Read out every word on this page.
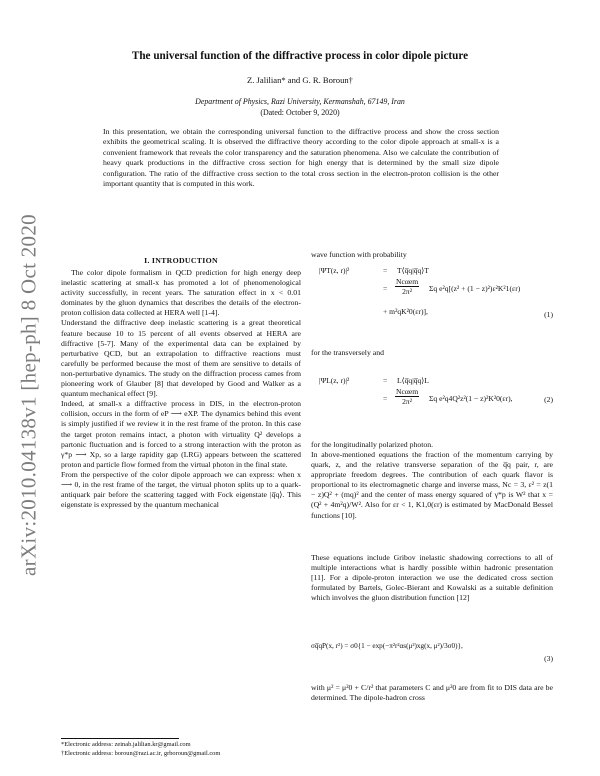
arXiv:2010.04138v1 [hep-ph] 8 Oct 2020
The universal function of the diffractive process in color dipole picture
Z. Jalilian* and G. R. Boroun†
Department of Physics, Razi University, Kermanshah, 67149, Iran
(Dated: October 9, 2020)
In this presentation, we obtain the corresponding universal function to the diffractive process and show the cross section exhibits the geometrical scaling. It is observed the diffractive theory according to the color dipole approach at small-x is a convenient framework that reveals the color transparency and the saturation phenomena. Also we calculate the contribution of heavy quark productions in the diffractive cross section for high energy that is determined by the small size dipole configuration. The ratio of the diffractive cross section to the total cross section in the electron-proton collision is the other important quantity that is computed in this work.
I. INTRODUCTION

The color dipole formalism in QCD prediction for high energy deep inelastic scattering at small-x has promoted a lot of phenomenological activity successfully, in recent years. The saturation effect in x < 0.01 dominates by the gluon dynamics that describes the details of the electron-proton collision data collected at HERA well [1-4].

Understand the diffractive deep inelastic scattering is a great theoretical feature because 10 to 15 percent of all events observed at HERA are diffractive [5-7]. Many of the experimental data can be explained by perturbative QCD, but an extrapolation to diffractive reactions must carefully be performed because the most of them are sensitive to details of non-perturbative dynamics. The study on the diffraction process cames from pioneering work of Glauber [8] that developed by Good and Walker as a quantum mechanical effect [9].

Indeed, at small-x a diffractive process in DIS, in the electron-proton collision, occurs in the form of eP ⟶ eXP. The dynamics behind this event is simply justified if we review it in the rest frame of the proton. In this case the target proton remains intact, a photon with virtuality Q² develops a partonic fluctuation and is forced to a strong interaction with the proton as γ*p ⟶ Xp, so a large rapidity gap (LRG) appears between the scattered proton and particle flow formed from the virtual photon in the final state.

From the perspective of the color dipole approach we can express: when x ⟶ 0, in the rest frame of the target, the virtual photon splits up to a quark-antiquark pair before the scattering tagged with Fock eigenstate |q̅q⟩. This eigenstate is expressed by the quantum mechanical

*Electronic address: zeinab.jalilian.kr@gmail.com
†Electronic address: boroun@razi.ac.ir, grboroun@gmail.com
wave function with probability
|ΨT(z, r)|²	= T⟨q̅q|q̅q⟩T
= $\frac{\text{Ncαem}}{\text{2π²}}$ Σq e²q[(z² + (1 − z)²)ε²K²1(εr)
+ m²qK²0(εr)],	(1)
for the transversely and
|ΨL(z, r)|²	= L⟨q̅q|q̅q⟩L
= $\frac{\text{Ncαem}}{\text{2π²}}$ Σq e²q4Q²z²(1 − z)²K²0(εr),	(2)
for the longitudinally polarized photon.
In above-mentioned equations the fraction of the momentum carrying by quark, z, and the relative transverse separation of the q̅q pair, r, are appropriate freedom degrees. The contribution of each quark flavor is proportional to its electromagnetic charge and inverse mass, Nc = 3, ε² = z(1 − z)Q² + (mq)² and the center of mass energy squared of γ*p is W² that x = (Q² + 4m²q)/W². Also for εr < 1, K1,0(εr) is estimated by MacDonald Bessel functions [10].
These equations include Gribov inelastic shadowing corrections to all of multiple interactions what is hardly possible within hadronic presentation [11]. For a dipole-proton interaction we use the dedicated cross section formulated by Bartels, Golec-Bierant and Kowalski as a suitable definition which involves the gluon distribution function [12]
σq̅qP(x, r²) = σ0{1 − exp(−π²r²αs(μ²)xg(x, μ²)/3σ0)},
(3)
with μ² = μ²0 + C/r² that parameters C and μ²0 are from fit to DIS data are be determined. The dipole-hadron cross
